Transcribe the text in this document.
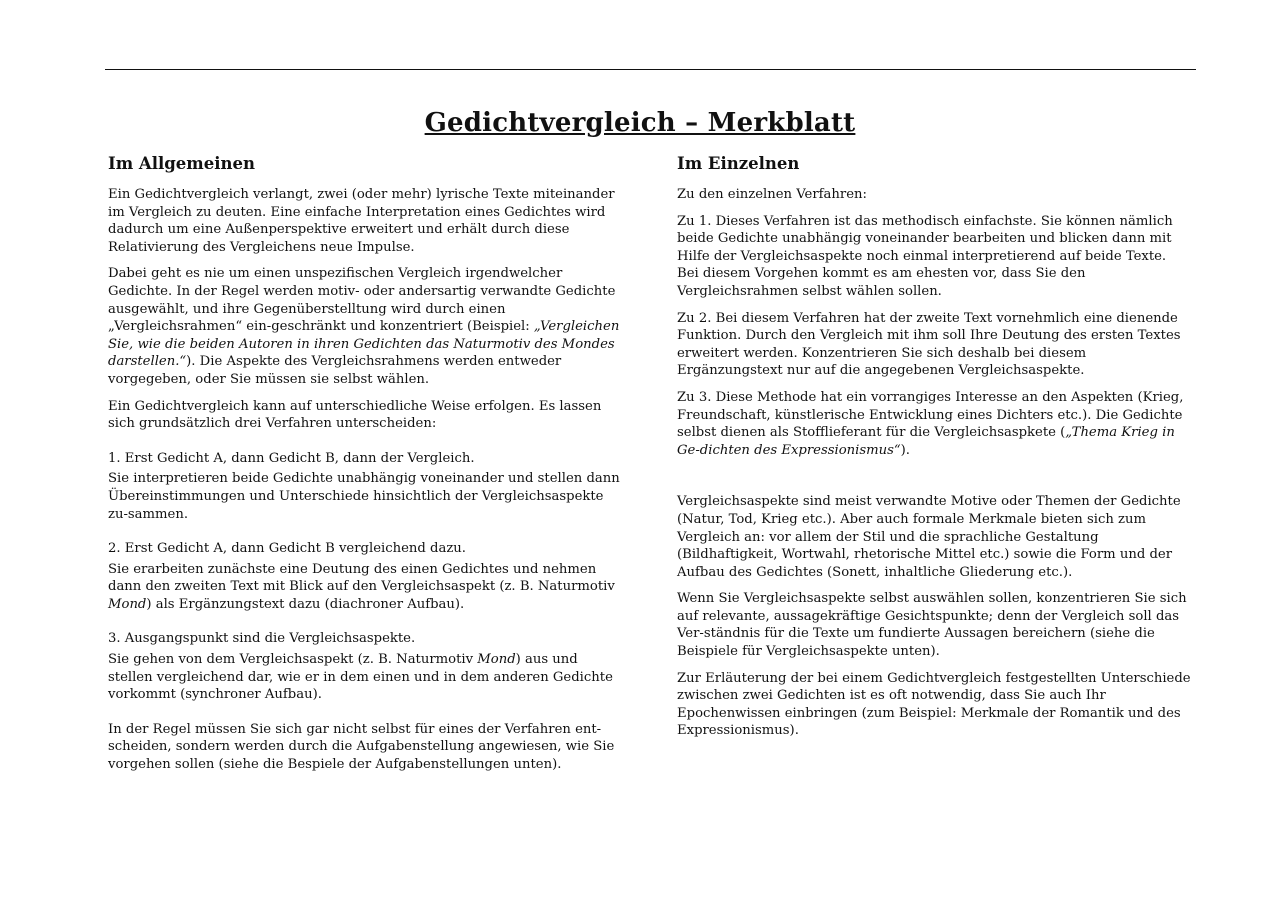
Gedichtvergleich – Merkblatt
Im Allgemeinen

Ein Gedichtvergleich verlangt, zwei (oder mehr) lyrische Texte miteinander im Vergleich zu deuten. Eine einfache Interpretation eines Gedichtes wird dadurch um eine Außenperspektive erweitert und erhält durch diese Relativierung des Vergleichens neue Impulse.

Dabei geht es nie um einen unspezifischen Vergleich irgendwelcher Gedichte. In der Regel werden motiv- oder andersartig verwandte Gedichte ausgewählt, und ihre Gegenüberstelltung wird durch einen „Vergleichsrahmen“ ein-geschränkt und konzentriert (Beispiel: „Vergleichen Sie, wie die beiden Autoren in ihren Gedichten das Naturmotiv des Mondes darstellen.“). Die Aspekte des Vergleichsrahmens werden entweder vorgegeben, oder Sie müssen sie selbst wählen.

Ein Gedichtvergleich kann auf unterschiedliche Weise erfolgen. Es lassen sich grundsätzlich drei Verfahren unterscheiden:

1. Erst Gedicht A, dann Gedicht B, dann der Vergleich.

Sie interpretieren beide Gedichte unabhängig voneinander und stellen dann Übereinstimmungen und Unterschiede hinsichtlich der Vergleichsaspekte zu-sammen.

2. Erst Gedicht A, dann Gedicht B vergleichend dazu.

Sie erarbeiten zunächste eine Deutung des einen Gedichtes und nehmen dann den zweiten Text mit Blick auf den Vergleichsaspekt (z. B. Naturmotiv Mond) als Ergänzungstext dazu (diachroner Aufbau).

3. Ausgangspunkt sind die Vergleichsaspekte.

Sie gehen von dem Vergleichsaspekt (z. B. Naturmotiv Mond) aus und stellen vergleichend dar, wie er in dem einen und in dem anderen Gedichte vorkommt (synchroner Aufbau).

In der Regel müssen Sie sich gar nicht selbst für eines der Verfahren ent-scheiden, sondern werden durch die Aufgabenstellung angewiesen, wie Sie vorgehen sollen (siehe die Bespiele der Aufgabenstellungen unten).

Im Einzelnen

Zu den einzelnen Verfahren:

Zu 1. Dieses Verfahren ist das methodisch einfachste. Sie können nämlich beide Gedichte unabhängig voneinander bearbeiten und blicken dann mit Hilfe der Vergleichsaspekte noch einmal interpretierend auf beide Texte.
Bei diesem Vorgehen kommt es am ehesten vor, dass Sie den Vergleichsrahmen selbst wählen sollen.

Zu 2. Bei diesem Verfahren hat der zweite Text vornehmlich eine dienende Funktion. Durch den Vergleich mit ihm soll Ihre Deutung des ersten Textes erweitert werden. Konzentrieren Sie sich deshalb bei diesem Ergänzungstext nur auf die angegebenen Vergleichsaspekte.

Zu 3. Diese Methode hat ein vorrangiges Interesse an den Aspekten (Krieg, Freundschaft, künstlerische Entwicklung eines Dichters etc.). Die Gedichte selbst dienen als Stofflieferant für die Vergleichsaspkete („Thema Krieg in Ge-dichten des Expressionismus“).

Vergleichsaspekte sind meist verwandte Motive oder Themen der Gedichte (Natur, Tod, Krieg etc.). Aber auch formale Merkmale bieten sich zum Vergleich an: vor allem der Stil und die sprachliche Gestaltung (Bildhaftigkeit, Wortwahl, rhetorische Mittel etc.) sowie die Form und der Aufbau des Gedichtes (Sonett, inhaltliche Gliederung etc.).

Wenn Sie Vergleichsaspekte selbst auswählen sollen, konzentrieren Sie sich auf relevante, aussagekräftige Gesichtspunkte; denn der Vergleich soll das Ver-ständnis für die Texte um fundierte Aussagen bereichern (siehe die Beispiele für Vergleichsaspekte unten).

Zur Erläuterung der bei einem Gedichtvergleich festgestellten Unterschiede zwischen zwei Gedichten ist es oft notwendig, dass Sie auch Ihr Epochenwissen einbringen (zum Beispiel: Merkmale der Romantik und des Expressionismus).
